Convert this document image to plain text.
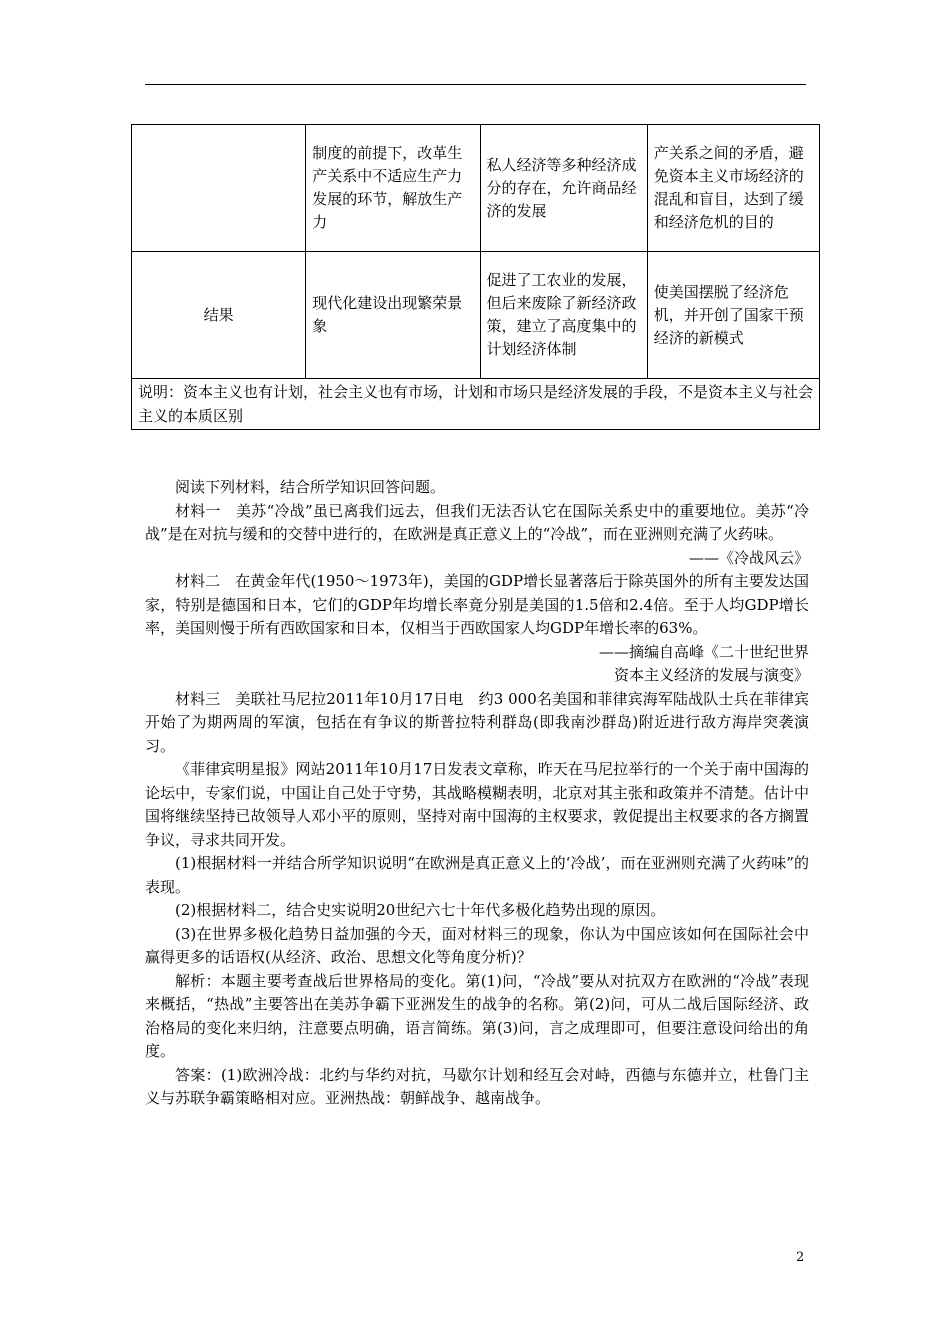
	制度的前提下，改革生产关系中不适应生产力发展的环节，解放生产力	私人经济等多种经济成分的存在，允许商品经济的发展	产关系之间的矛盾，避免资本主义市场经济的混乱和盲目，达到了缓和经济危机的目的
结果	现代化建设出现繁荣景象	促进了工农业的发展，但后来废除了新经济政策，建立了高度集中的计划经济体制	使美国摆脱了经济危机，并开创了国家干预经济的新模式
说明：资本主义也有计划，社会主义也有市场，计划和市场只是经济发展的手段，不是资本主义与社会主义的本质区别			

阅读下列材料，结合所学知识回答问题。

材料一　美苏“冷战”虽已离我们远去，但我们无法否认它在国际关系史中的重要地位。美苏“冷战”是在对抗与缓和的交替中进行的，在欧洲是真正意义上的“冷战”，而在亚洲则充满了火药味。

——《冷战风云》

材料二　在黄金年代(1950～1973年)，美国的GDP增长显著落后于除英国外的所有主要发达国家，特别是德国和日本，它们的GDP年均增长率竟分别是美国的1.5倍和2.4倍。至于人均GDP增长率，美国则慢于所有西欧国家和日本，仅相当于西欧国家人均GDP年增长率的63%。

——摘编自高峰《二十世纪世界

资本主义经济的发展与演变》

材料三　美联社马尼拉2011年10月17日电　约3 000名美国和菲律宾海军陆战队士兵在菲律宾开始了为期两周的军演，包括在有争议的斯普拉特利群岛(即我南沙群岛)附近进行敌方海岸突袭演习。

《菲律宾明星报》网站2011年10月17日发表文章称，昨天在马尼拉举行的一个关于南中国海的论坛中，专家们说，中国让自己处于守势，其战略模糊表明，北京对其主张和政策并不清楚。估计中国将继续坚持已故领导人邓小平的原则，坚持对南中国海的主权要求，敦促提出主权要求的各方搁置争议，寻求共同开发。

(1)根据材料一并结合所学知识说明“在欧洲是真正意义上的‘冷战’，而在亚洲则充满了火药味”的表现。

(2)根据材料二，结合史实说明20世纪六七十年代多极化趋势出现的原因。

(3)在世界多极化趋势日益加强的今天，面对材料三的现象，你认为中国应该如何在国际社会中赢得更多的话语权(从经济、政治、思想文化等角度分析)？

解析：本题主要考查战后世界格局的变化。第(1)问，“冷战”要从对抗双方在欧洲的“冷战”表现来概括，“热战”主要答出在美苏争霸下亚洲发生的战争的名称。第(2)问，可从二战后国际经济、政治格局的变化来归纳，注意要点明确，语言简练。第(3)问，言之成理即可，但要注意设问给出的角度。

答案：(1)欧洲冷战：北约与华约对抗，马歇尔计划和经互会对峙，西德与东德并立，杜鲁门主义与苏联争霸策略相对应。亚洲热战：朝鲜战争、越南战争。

2
